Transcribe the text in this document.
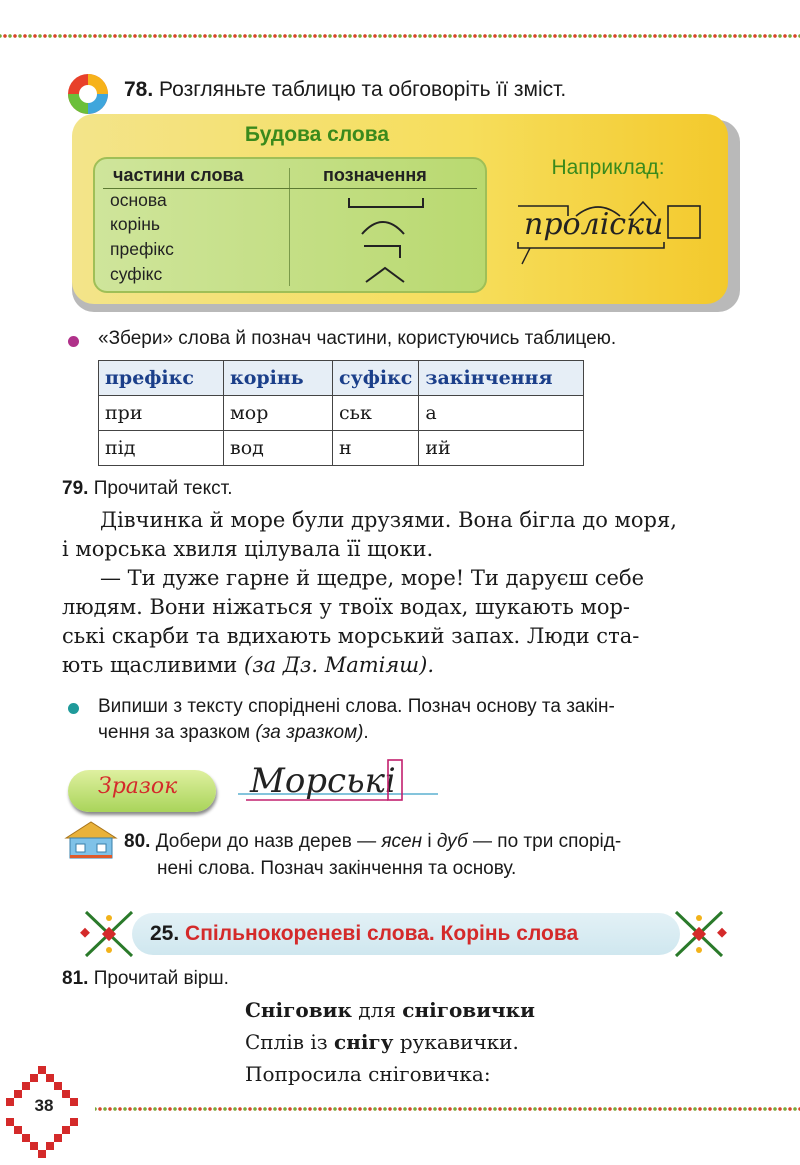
78. Розгляньте таблицю та обговоріть її зміст.
Будова слова
частини слова	позначення
основа
корінь
префікс
суфікс
Наприклад:
пролiски
«Збери» слова й познач частини, користуючись таблицею.
префікс	корінь	суфікс	закінчення
при	мор	ськ	а
під	вод	н	ий
79. Прочитай текст.
Дівчинка й море були друзями. Вона бігла до моря,
і морська хвиля цілувала її щоки.
— Ти дуже гарне й щедре, море! Ти даруєш себе
людям. Вони ніжаться у твоїх водах, шукають мор-
ські скарби та вдихають морський запах. Люди ста-
ють щасливими (за Дз. Матіяш).
Випиши з тексту споріднені слова. Познач основу та закін-
чення за зразком (за зразком).
Зразок Морські
80. Добери до назв дерев — ясен і дуб — по три спорід-
нені слова. Познач закінчення та основу.
25. Спільнокореневі слова. Корінь слова
81. Прочитай вірш.
Сніговик для сніговички
Сплів із снігу рукавички.
Попросила сніговичка:
38
